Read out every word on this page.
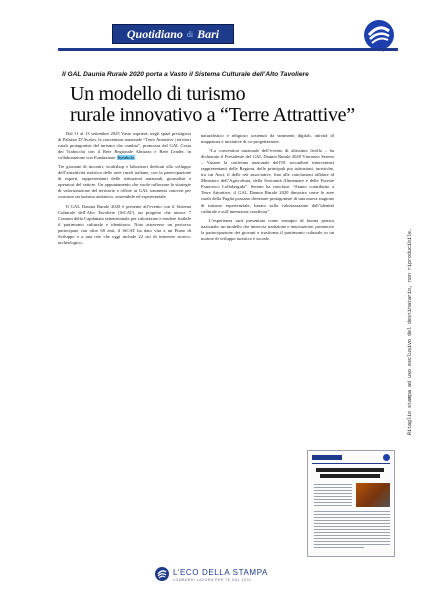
Quotidiano di Bari
Il GAL Daunia Rurale 2020 porta a Vasto il Sistema Culturale dell’Alto Tavoliere
Un modello di turismo
rurale innovativo a “Terre Attrattive”

Dal 11 al 13 settembre 2025 Vasto ospiterà, negli spazi prestigiosi di Palazzo D’Avalos, la convention nazionale “Terre Attrattive | territori rurali protagonisti del turismo che cambia”, promossa dal GAL Costa dei Trabocchi con il Rete Regionale Abruzzo e Rete Leader, in collaborazione con Fondazione Symbola.

Tre giornate di incontri, workshop e laboratori dedicati allo sviluppo dell’attrattività turistica delle aree rurali italiane, con la partecipazione di esperti, rappresentanti delle istituzioni nazionali, giornalisti e operatori del settore. Un appuntamento che vuole rafforzare le strategie di valorizzazione del territorio e offrire ai GAL strumenti concreti per costruire un turismo autentico, sostenibile ed esperienziale.

Il GAL Daunia Rurale 2020 è presente all’evento con il Sistema Culturale dell’Alto Tavoliere (SiCAT), un progetto che unisce 7 Comuni della Capitanata settentrionale per valorizzare e rendere fruibile il patrimonio culturale e identitario. Noto attraverso un percorso partecipato con oltre 60 enti, il SiCAT ha dato vita a un Piano di Sviluppo e a una rete che oggi include 22 siti di interesse storico, archeologico,

naturalistico e religioso sostenuti da strumenti digitali, attività di mappatura e iniziative di co-progettazione.

“La convention nazionale dell’evento di altissimo livello – ha dichiarato il Presidente del GAL Daunia Rurale 2020 Vincenzo Sereno – Vasarte la conferma nazionale dell’81 secondieri interventisti rappresentanti delle Regioni, delle principali pia istituzioni, turistiche, tra cui Anci, il delle reti associative, fino alle conclusioni affidate al Ministero dell’Agricoltura, della Sovranità Alimentare e delle Foreste Francesco Lollobrigida”. Sereno ha concluso: “Siamo contribuito a Terre Attrattive, il GAL Daunia Rurale 2020 dimostra come le aree rurali della Puglia possano diventare protagoniste di una nuova stagione di turismo esperienziale, basato sulla valorizzazione dell’identità culturale e sull’intenzione condivisa”.

L’esperienza sarà presentata come esempio di buona pratica nazionale, un modello che intreccia tradizione e innovazione, promuove la partecipazione dei giovani e trasforma il patrimonio culturale in un motore di sviluppo turistico e sociale.	Ritaglio stampa ad uso esclusivo del destinatario, non riproducibile.
L’ECO DELLA STAMPA
LOMBARDI LAVORA PER TE DAL 1901
